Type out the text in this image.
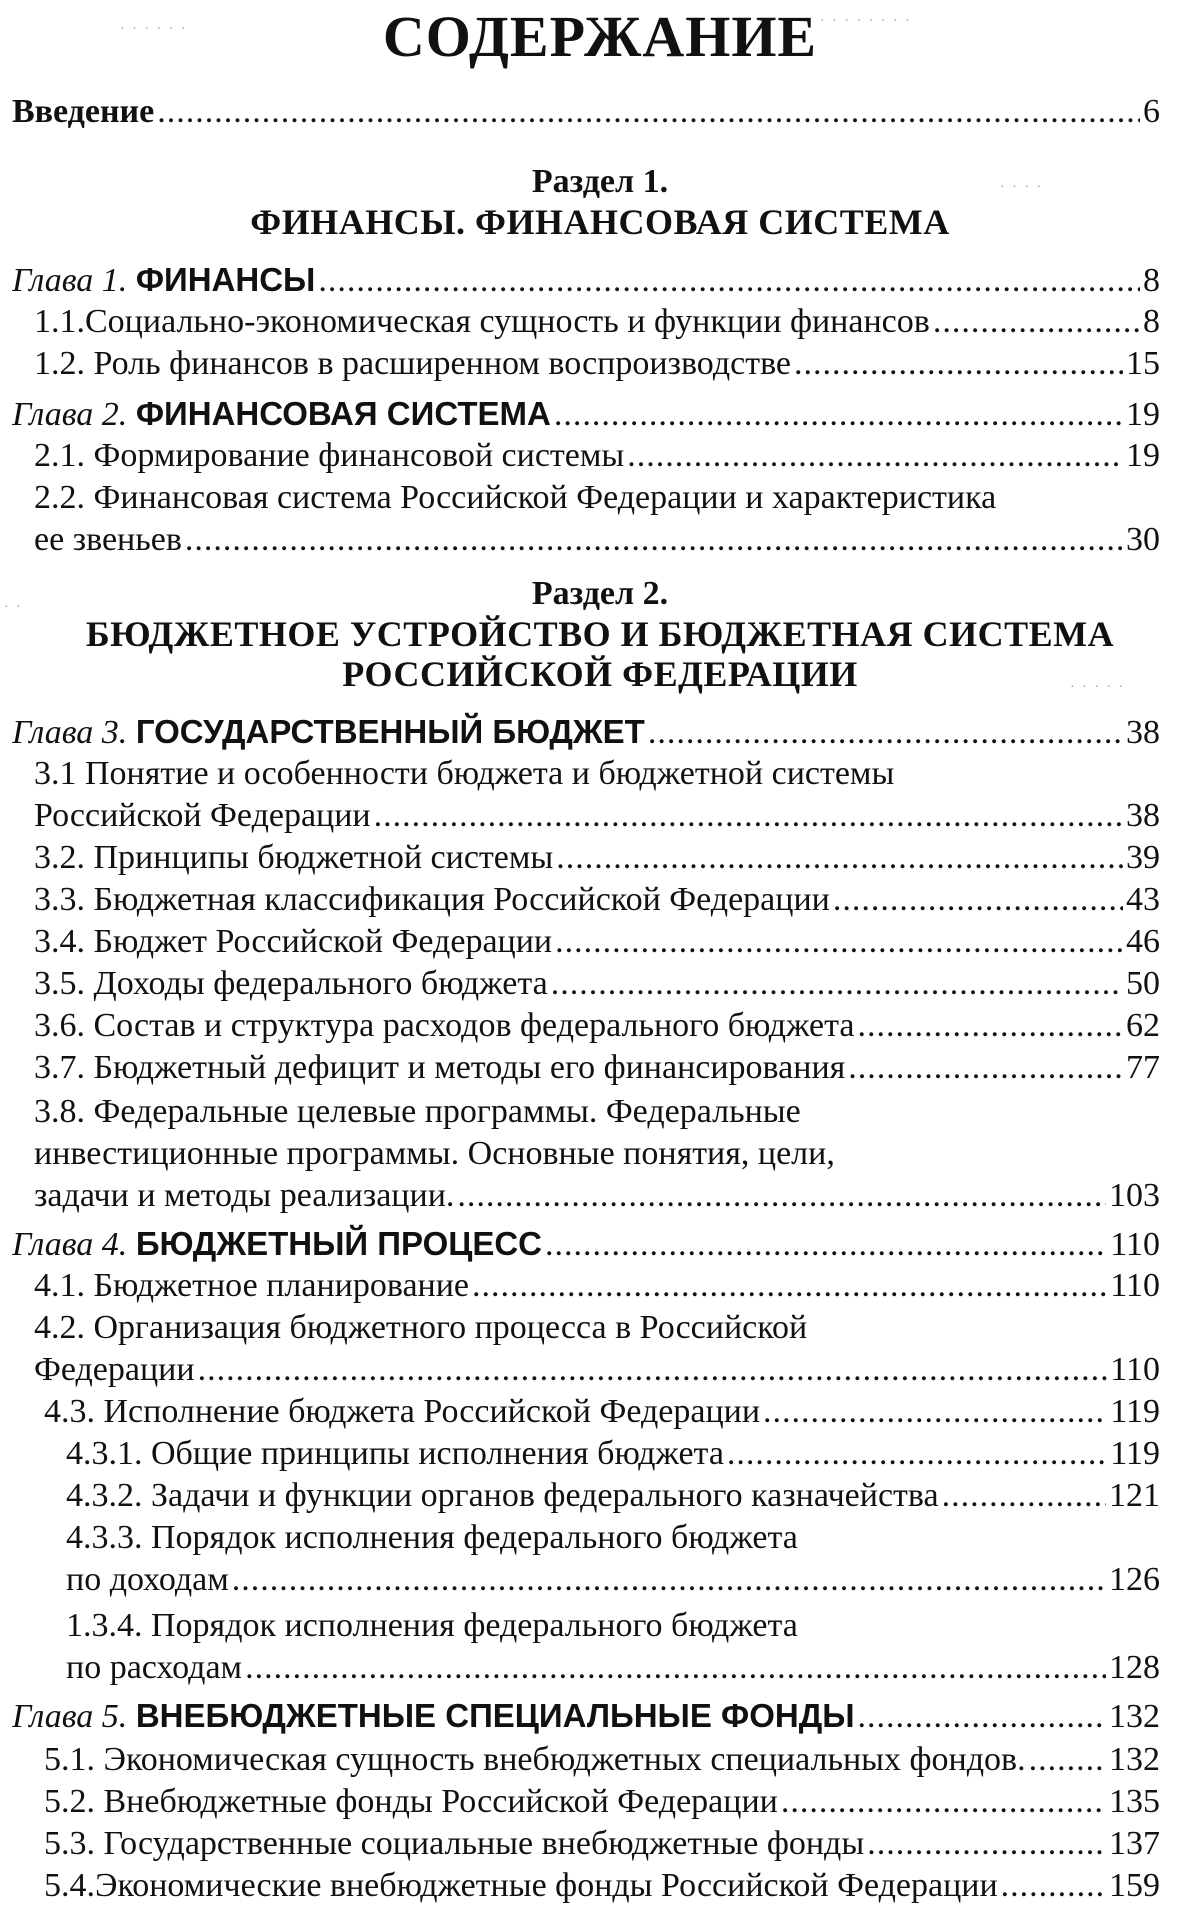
СОДЕРЖАНИЕ
Введение .....	6
Раздел 1.
ФИНАНСЫ. ФИНАНСОВАЯ СИСТЕМА
Глава 1. ФИНАНСЫ .....	8
1.1.Социально-экономическая сущность и функции финансов .....	8
1.2. Роль финансов в расширенном воспроизводстве .....	15
Глава 2. ФИНАНСОВАЯ СИСТЕМА .....	19
2.1. Формирование финансовой системы .....	19
2.2. Финансовая система Российской Федерации и характеристика
ее звеньев .....	30
Раздел 2.
БЮДЖЕТНОЕ УСТРОЙСТВО И БЮДЖЕТНАЯ СИСТЕМА
РОССИЙСКОЙ ФЕДЕРАЦИИ
Глава 3. ГОСУДАРСТВЕННЫЙ БЮДЖЕТ .....	38
3.1 Понятие и особенности бюджета и бюджетной системы
Российской Федерации .....	38
3.2. Принципы бюджетной системы .....	39
3.3. Бюджетная классификация Российской Федерации .....	43
3.4. Бюджет Российской Федерации .....	46
3.5. Доходы федерального бюджета .....	50
3.6. Состав и структура расходов федерального бюджета .....	62
3.7. Бюджетный дефицит и методы его финансирования .....	77
3.8. Федеральные целевые программы. Федеральные
инвестиционные программы. Основные понятия, цели,
задачи и методы реализации. .....	103
Глава 4. БЮДЖЕТНЫЙ ПРОЦЕСС .....	110
4.1. Бюджетное планирование .....	110
4.2. Организация бюджетного процесса в Российской
Федерации .....	110
4.3. Исполнение бюджета Российской Федерации .....	119
4.3.1. Общие принципы исполнения бюджета .....	119
4.3.2. Задачи и функции органов федерального казначейства .....	121
4.3.3. Порядок исполнения федерального бюджета
по доходам .....	126
1.3.4. Порядок исполнения федерального бюджета
по расходам .....	128
Глава 5. ВНЕБЮДЖЕТНЫЕ СПЕЦИАЛЬНЫЕ ФОНДЫ .....	132
5.1. Экономическая сущность внебюджетных специальных фондов. ..... 132
5.2. Внебюджетные фонды Российской Федерации .....	135
5.3. Государственные социальные внебюджетные фонды .....	137
5.4.Экономические внебюджетные фонды Российской Федерации .....	159
· · · · · ·
· · · · · · · ·
· · · ·
· ·
· · · · ·
